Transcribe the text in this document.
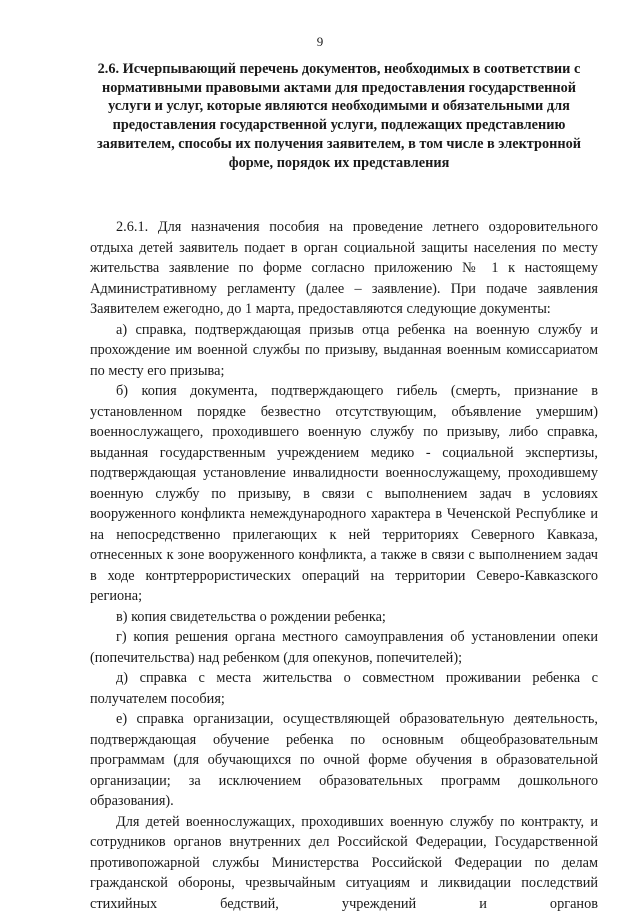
9
2.6. Исчерпывающий перечень документов, необходимых в соответствии с нормативными правовыми актами для предоставления государственной услуги и услуг, которые являются необходимыми и обязательными для предоставления государственной услуги, подлежащих представлению заявителем, способы их получения заявителем, в том числе в электронной форме, порядок их представления

2.6.1. Для назначения пособия на проведение летнего оздоровительного отдыха детей заявитель подает в орган социальной защиты населения по месту жительства заявление по форме согласно приложению № 1 к настоящему Административному регламенту (далее – заявление). При подаче заявления Заявителем ежегодно, до 1 марта, предоставляются следующие документы:

а) справка, подтверждающая призыв отца ребенка на военную службу и прохождение им военной службы по призыву, выданная военным комиссариатом по месту его призыва;

б) копия документа, подтверждающего гибель (смерть, признание в установленном порядке безвестно отсутствующим, объявление умершим) военнослужащего, проходившего военную службу по призыву, либо справка, выданная государственным учреждением медико - социальной экспертизы, подтверждающая установление инвалидности военнослужащему, проходившему военную службу по призыву, в связи с выполнением задач в условиях вооруженного конфликта немеждународного характера в Чеченской Республике и на непосредственно прилегающих к ней территориях Северного Кавказа, отнесенных к зоне вооруженного конфликта, а также в связи с выполнением задач в ходе контртеррористических операций на территории Северо-Кавказского региона;

в) копия свидетельства о рождении ребенка;

г) копия решения органа местного самоуправления об установлении опеки (попечительства) над ребенком (для опекунов, попечителей);

д) справка с места жительства о совместном проживании ребенка с получателем пособия;

е) справка организации, осуществляющей образовательную деятельность, подтверждающая обучение ребенка по основным общеобразовательным программам (для обучающихся по очной форме обучения в образовательной организации; за исключением образовательных программ дошкольного образования).

Для детей военнослужащих, проходивших военную службу по контракту, и сотрудников органов внутренних дел Российской Федерации, Государственной противопожарной службы Министерства Российской Федерации по делам гражданской обороны, чрезвычайным ситуациям и ликвидации последствий стихийных бедствий, учреждений и органов
